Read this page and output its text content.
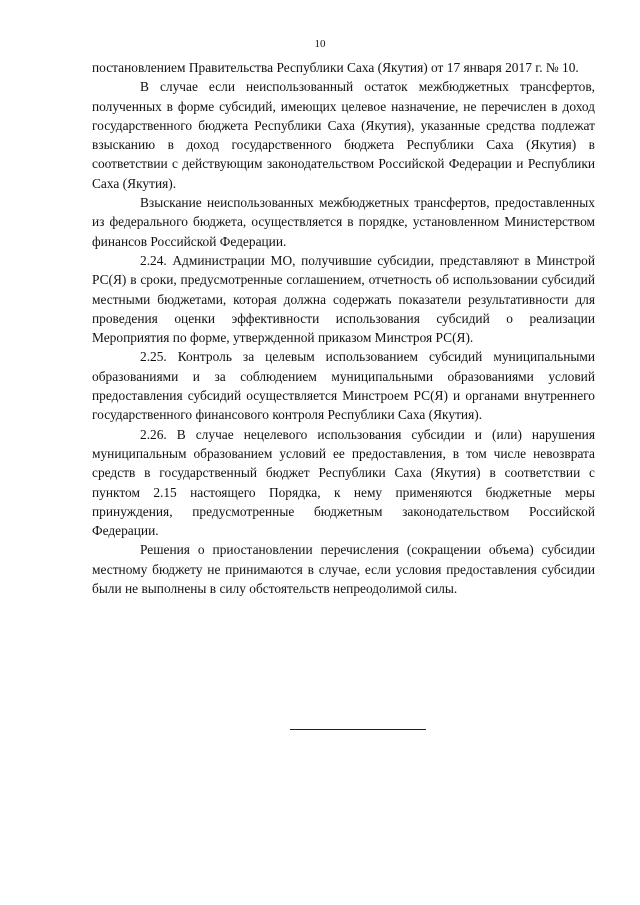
10

постановлением Правительства Республики Саха (Якутия) от 17 января 2017 г. № 10.

В случае если неиспользованный остаток межбюджетных трансфертов, полученных в форме субсидий, имеющих целевое назначение, не перечислен в доход государственного бюджета Республики Саха (Якутия), указанные средства подлежат взысканию в доход государственного бюджета Республики Саха (Якутия) в соответствии с действующим законодательством Российской Федерации и Республики Саха (Якутия).

Взыскание неиспользованных межбюджетных трансфертов, предоставленных из федерального бюджета, осуществляется в порядке, установленном Министерством финансов Российской Федерации.

2.24. Администрации МО, получившие субсидии, представляют в Минстрой РС(Я) в сроки, предусмотренные соглашением, отчетность об использовании субсидий местными бюджетами, которая должна содержать показатели результативности для проведения оценки эффективности использования субсидий о реализации Мероприятия по форме, утвержденной приказом Минстроя РС(Я).

2.25. Контроль за целевым использованием субсидий муниципальными образованиями и за соблюдением муниципальными образованиями условий предоставления субсидий осуществляется Минстроем РС(Я) и органами внутреннего государственного финансового контроля Республики Саха (Якутия).

2.26. В случае нецелевого использования субсидии и (или) нарушения муниципальным образованием условий ее предоставления, в том числе невозврата средств в государственный бюджет Республики Саха (Якутия) в соответствии с пунктом 2.15 настоящего Порядка, к нему применяются бюджетные меры принуждения, предусмотренные бюджетным законодательством Российской Федерации.

Решения о приостановлении перечисления (сокращении объема) субсидии местному бюджету не принимаются в случае, если условия предоставления субсидии были не выполнены в силу обстоятельств непреодолимой силы.
